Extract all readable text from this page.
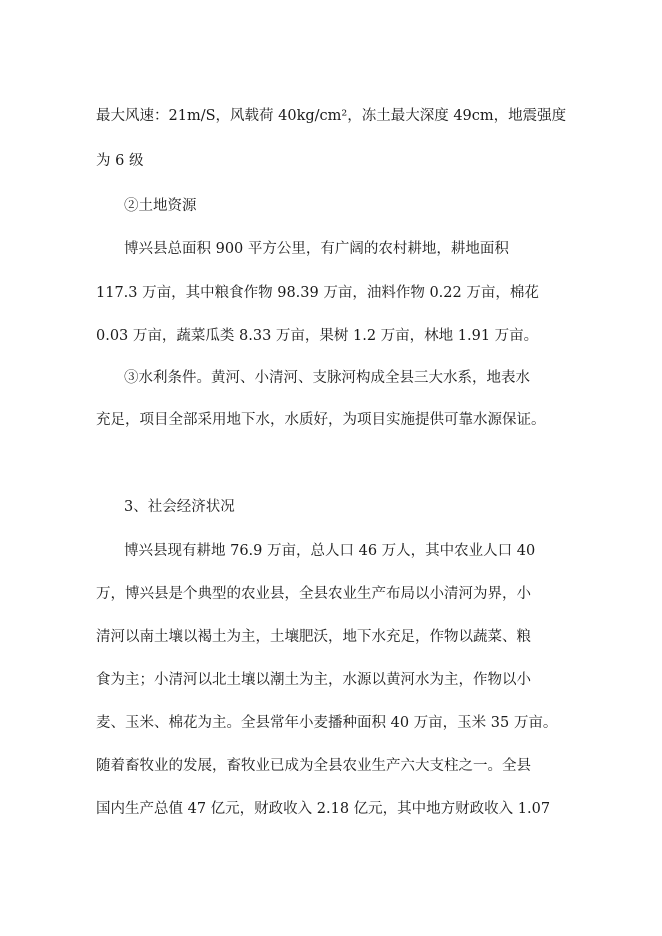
最大风速：21m/S，风载荷 40kg/cm²，冻土最大深度 49cm，地震强度
为 6 级
②土地资源
博兴县总面积 900 平方公里，有广阔的农村耕地，耕地面积
117.3 万亩，其中粮食作物 98.39 万亩，油料作物 0.22 万亩，棉花
0.03 万亩，蔬菜瓜类 8.33 万亩，果树 1.2 万亩，林地 1.91 万亩。
③水利条件。黄河、小清河、支脉河构成全县三大水系，地表水
充足，项目全部采用地下水，水质好，为项目实施提供可靠水源保证。
3、社会经济状况
博兴县现有耕地 76.9 万亩，总人口 46 万人，其中农业人口 40
万，博兴县是个典型的农业县，全县农业生产布局以小清河为界，小
清河以南土壤以褐土为主，土壤肥沃，地下水充足，作物以蔬菜、粮
食为主；小清河以北土壤以潮土为主，水源以黄河水为主，作物以小
麦、玉米、棉花为主。全县常年小麦播种面积 40 万亩，玉米 35 万亩。
随着畜牧业的发展，畜牧业已成为全县农业生产六大支柱之一。全县
国内生产总值 47 亿元，财政收入 2.18 亿元，其中地方财政收入 1.07
